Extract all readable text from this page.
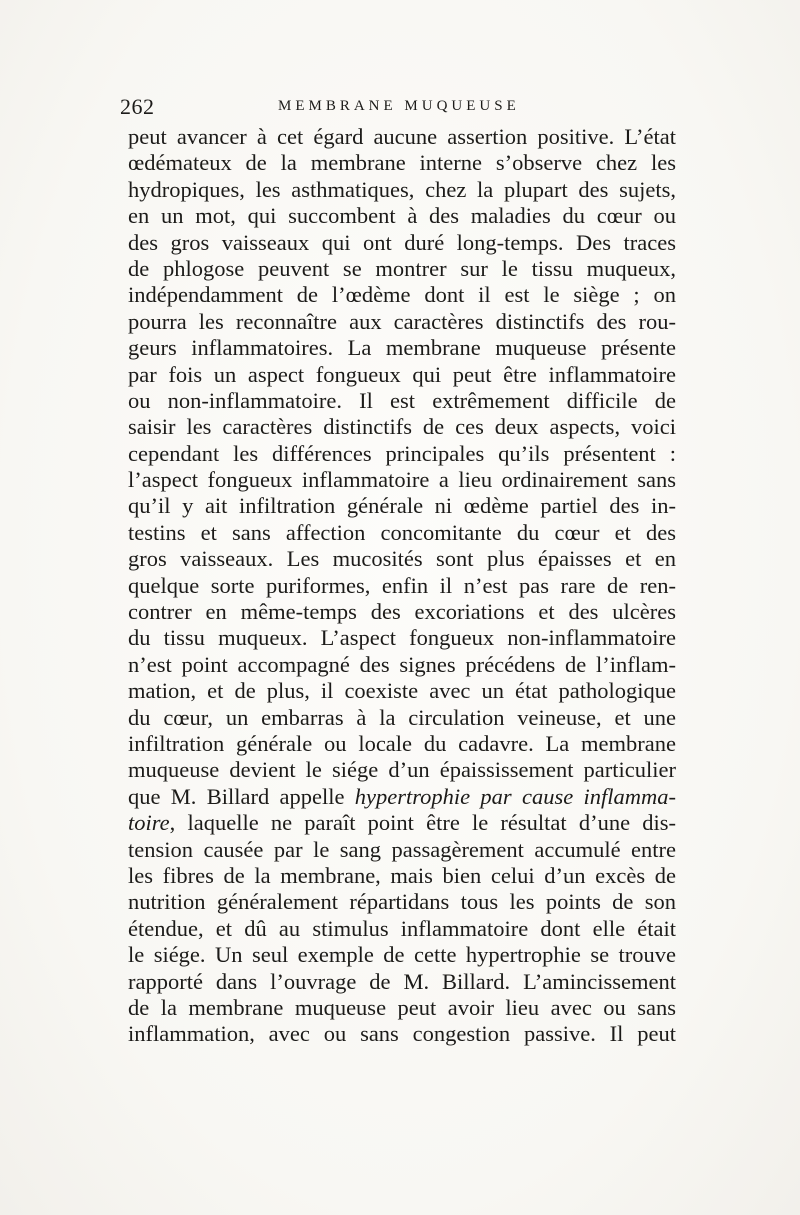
262	MEMBRANE MUQUEUSE
peut avancer à cet égard aucune assertion positive. L’état
œdémateux de la membrane interne s’observe chez les
hydropiques, les asthmatiques, chez la plupart des sujets,
en un mot, qui succombent à des maladies du cœur ou
des gros vaisseaux qui ont duré long-temps. Des traces
de phlogose peuvent se montrer sur le tissu muqueux,
indépendamment de l’œdème dont il est le siège ; on
pourra les reconnaître aux caractères distinctifs des rou-
geurs inflammatoires. La membrane muqueuse présente
par fois un aspect fongueux qui peut être inflammatoire
ou non-inflammatoire. Il est extrêmement difficile de
saisir les caractères distinctifs de ces deux aspects, voici
cependant les différences principales qu’ils présentent :
l’aspect fongueux inflammatoire a lieu ordinairement sans
qu’il y ait infiltration générale ni œdème partiel des in-
testins et sans affection concomitante du cœur et des
gros vaisseaux. Les mucosités sont plus épaisses et en
quelque sorte puriformes, enfin il n’est pas rare de ren-
contrer en même-temps des excoriations et des ulcères
du tissu muqueux. L’aspect fongueux non-inflammatoire
n’est point accompagné des signes précédens de l’inflam-
mation, et de plus, il coexiste avec un état pathologique
du cœur, un embarras à la circulation veineuse, et une
infiltration générale ou locale du cadavre. La membrane
muqueuse devient le siége d’un épaississement particulier
que M. Billard appelle hypertrophie par cause inflamma-
toire, laquelle ne paraît point être le résultat d’une dis-
tension causée par le sang passagèrement accumulé entre
les fibres de la membrane, mais bien celui d’un excès de
nutrition généralement répartidans tous les points de son
étendue, et dû au stimulus inflammatoire dont elle était
le siége. Un seul exemple de cette hypertrophie se trouve
rapporté dans l’ouvrage de M. Billard. L’amincissement
de la membrane muqueuse peut avoir lieu avec ou sans
inflammation, avec ou sans congestion passive. Il peut
